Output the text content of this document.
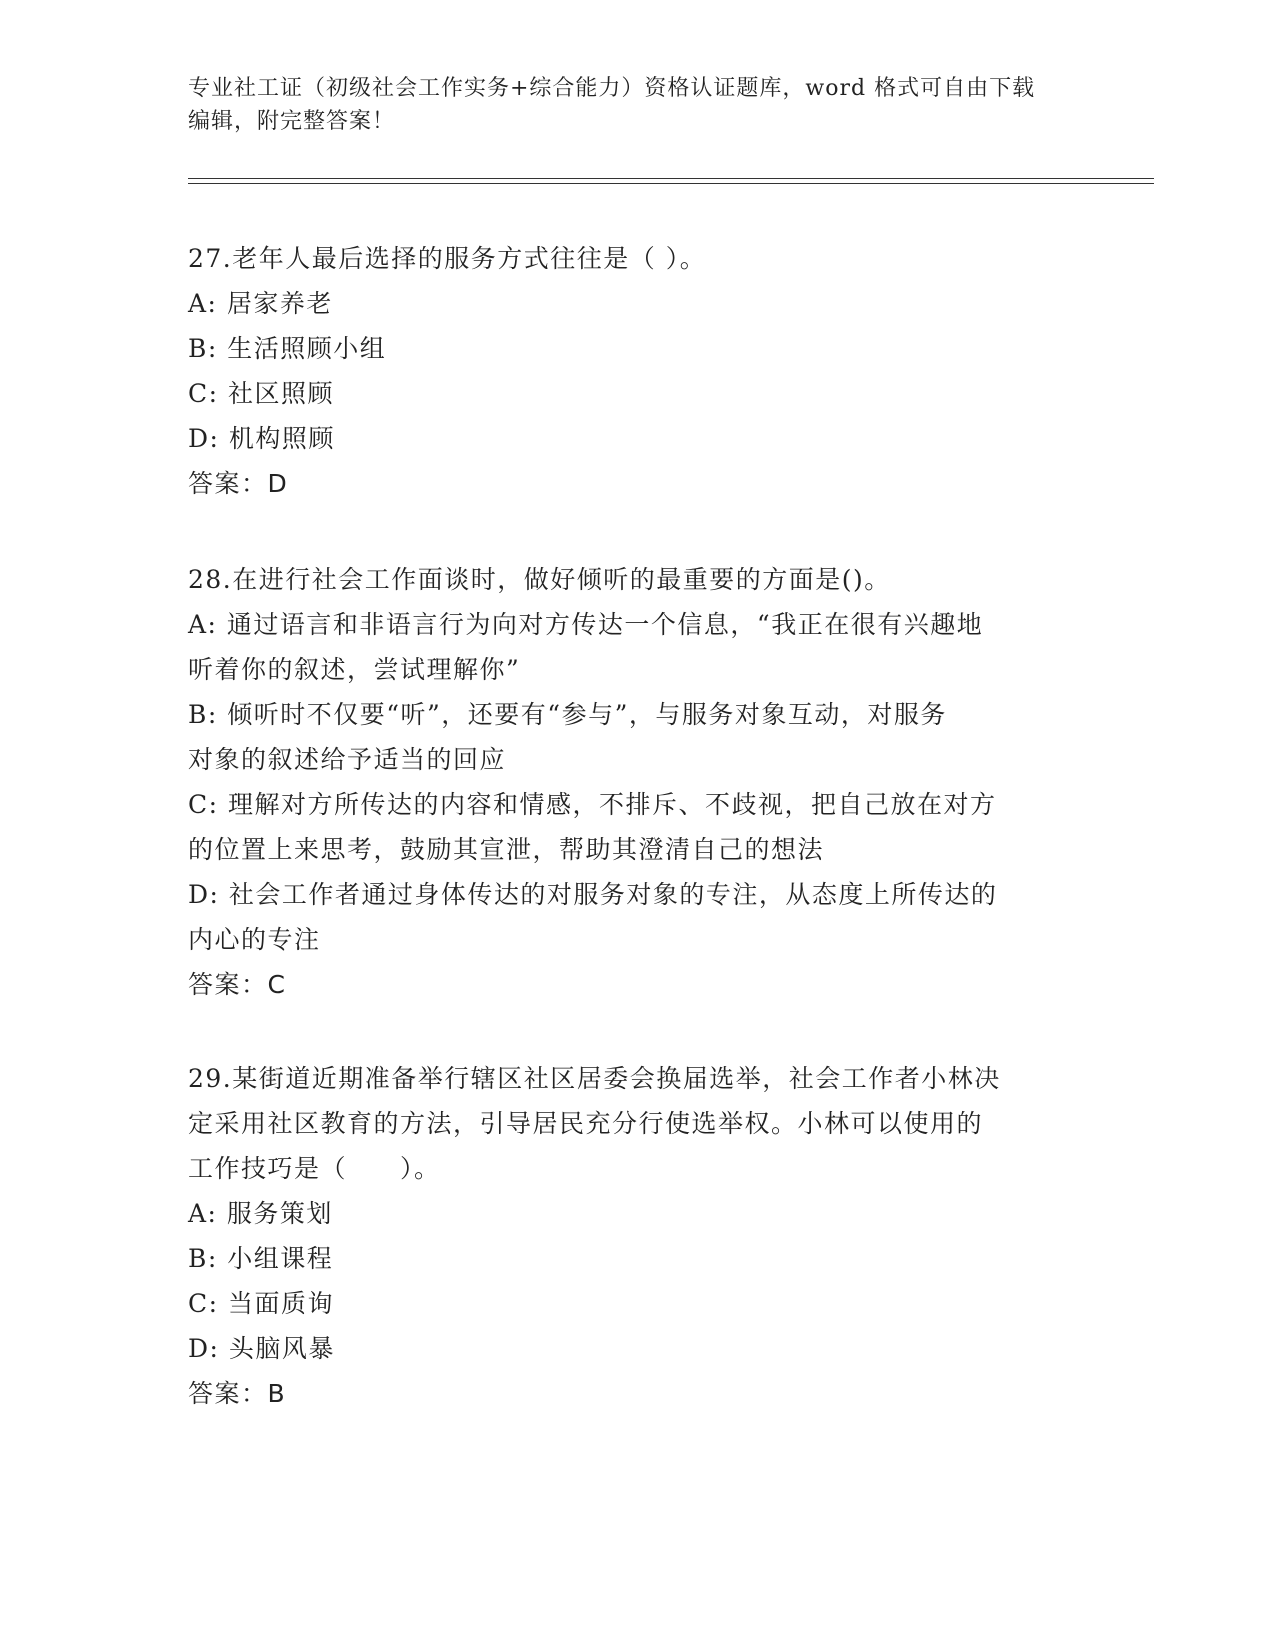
专业社工证（初级社会工作实务+综合能力）资格认证题库，word 格式可自由下载
编辑，附完整答案！
27.老年人最后选择的服务方式往往是（ ）。
A: 居家养老
B: 生活照顾小组
C: 社区照顾
D: 机构照顾
答案：D
28.在进行社会工作面谈时，做好倾听的最重要的方面是()。
A: 通过语言和非语言行为向对方传达一个信息，“我正在很有兴趣地
听着你的叙述，尝试理解你”
B: 倾听时不仅要“听”，还要有“参与”，与服务对象互动，对服务
对象的叙述给予适当的回应
C: 理解对方所传达的内容和情感，不排斥、不歧视，把自己放在对方
的位置上来思考，鼓励其宣泄，帮助其澄清自己的想法
D: 社会工作者通过身体传达的对服务对象的专注，从态度上所传达的
内心的专注
答案：C
29.某街道近期准备举行辖区社区居委会换届选举，社会工作者小林决
定采用社区教育的方法，引导居民充分行使选举权。小林可以使用的
工作技巧是（　　）。
A: 服务策划
B: 小组课程
C: 当面质询
D: 头脑风暴
答案：B
